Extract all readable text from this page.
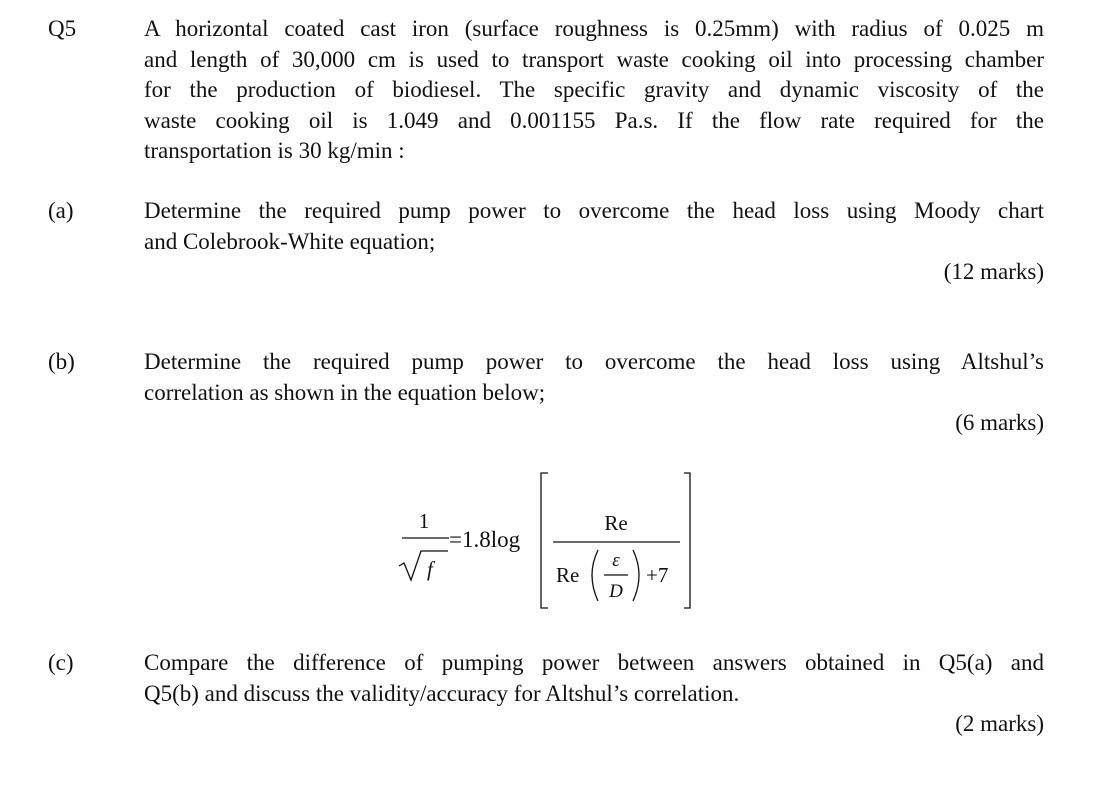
Q5	A horizontal coated cast iron (surface roughness is 0.25mm) with radius of 0.025 m
and length of 30,000 cm is used to transport waste cooking oil into processing chamber
for the production of biodiesel. The specific gravity and dynamic viscosity of the
waste cooking oil is 1.049 and 0.001155 Pa.s. If the flow rate required for the
transportation is 30 kg/min :
(a)	Determine the required pump power to overcome the head loss using Moody chart
and Colebrook-White equation;
(12 marks)
(b)	Determine the required pump power to overcome the head loss using Altshul’s
correlation as shown in the equation below;
(6 marks)
1
f
=1.8log
Re
Re
ε
D
+7
(c)	Compare the difference of pumping power between answers obtained in Q5(a) and
Q5(b) and discuss the validity/accuracy for Altshul’s correlation.
(2 marks)
